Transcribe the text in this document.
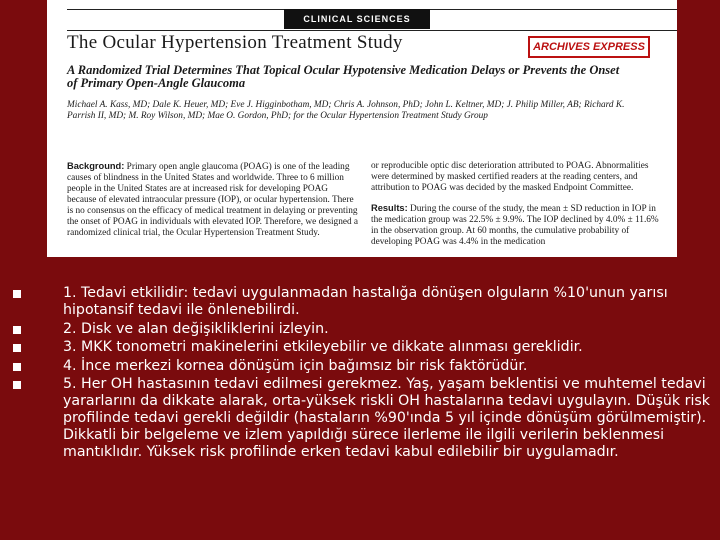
CLINICAL SCIENCES
The Ocular Hypertension Treatment Study	ARCHIVES EXPRESS
A Randomized Trial Determines That Topical Ocular Hypotensive Medication Delays or Prevents the Onset of Primary Open-Angle Glaucoma
Michael A. Kass, MD; Dale K. Heuer, MD; Eve J. Higginbotham, MD; Chris A. Johnson, PhD; John L. Keltner, MD; J. Philip Miller, AB; Richard K. Parrish II, MD; M. Roy Wilson, MD; Mae O. Gordon, PhD; for the Ocular Hypertension Treatment Study Group
Background: Primary open angle glaucoma (POAG) is one of the leading causes of blindness in the United States and worldwide. Three to 6 million people in the United States are at increased risk for developing POAG because of elevated intraocular pressure (IOP), or ocular hypertension. There is no consensus on the efficacy of medical treatment in delaying or preventing the onset of POAG in individuals with elevated IOP. Therefore, we designed a randomized clinical trial, the Ocular Hypertension Treatment Study.
or reproducible optic disc deterioration attributed to POAG. Abnormalities were determined by masked certified readers at the reading centers, and attribution to POAG was decided by the masked Endpoint Committee.
Results: During the course of the study, the mean ± SD reduction in IOP in the medication group was 22.5% ± 9.9%. The IOP declined by 4.0% ± 11.6% in the observation group. At 60 months, the cumulative probability of developing POAG was 4.4% in the medication
1. Tedavi etkilidir: tedavi uygulanmadan hastalığa dönüşen olguların %10'unun yarısı hipotansif tedavi ile önlenebilirdi.
2. Disk ve alan değişikliklerini izleyin.
3. MKK tonometri makinelerini etkileyebilir ve dikkate alınması gereklidir.
4. İnce merkezi kornea dönüşüm için bağımsız bir risk faktörüdür.
5. Her OH hastasının tedavi edilmesi gerekmez. Yaş, yaşam beklentisi ve muhtemel tedavi yararlarını da dikkate alarak, orta-yüksek riskli OH hastalarına tedavi uygulayın. Düşük risk profilinde tedavi gerekli değildir (hastaların %90'ında 5 yıl içinde dönüşüm görülmemiştir). Dikkatli bir belgeleme ve izlem yapıldığı sürece ilerleme ile ilgili verilerin beklenmesi mantıklıdır. Yüksek risk profilinde erken tedavi kabul edilebilir bir uygulamadır.
